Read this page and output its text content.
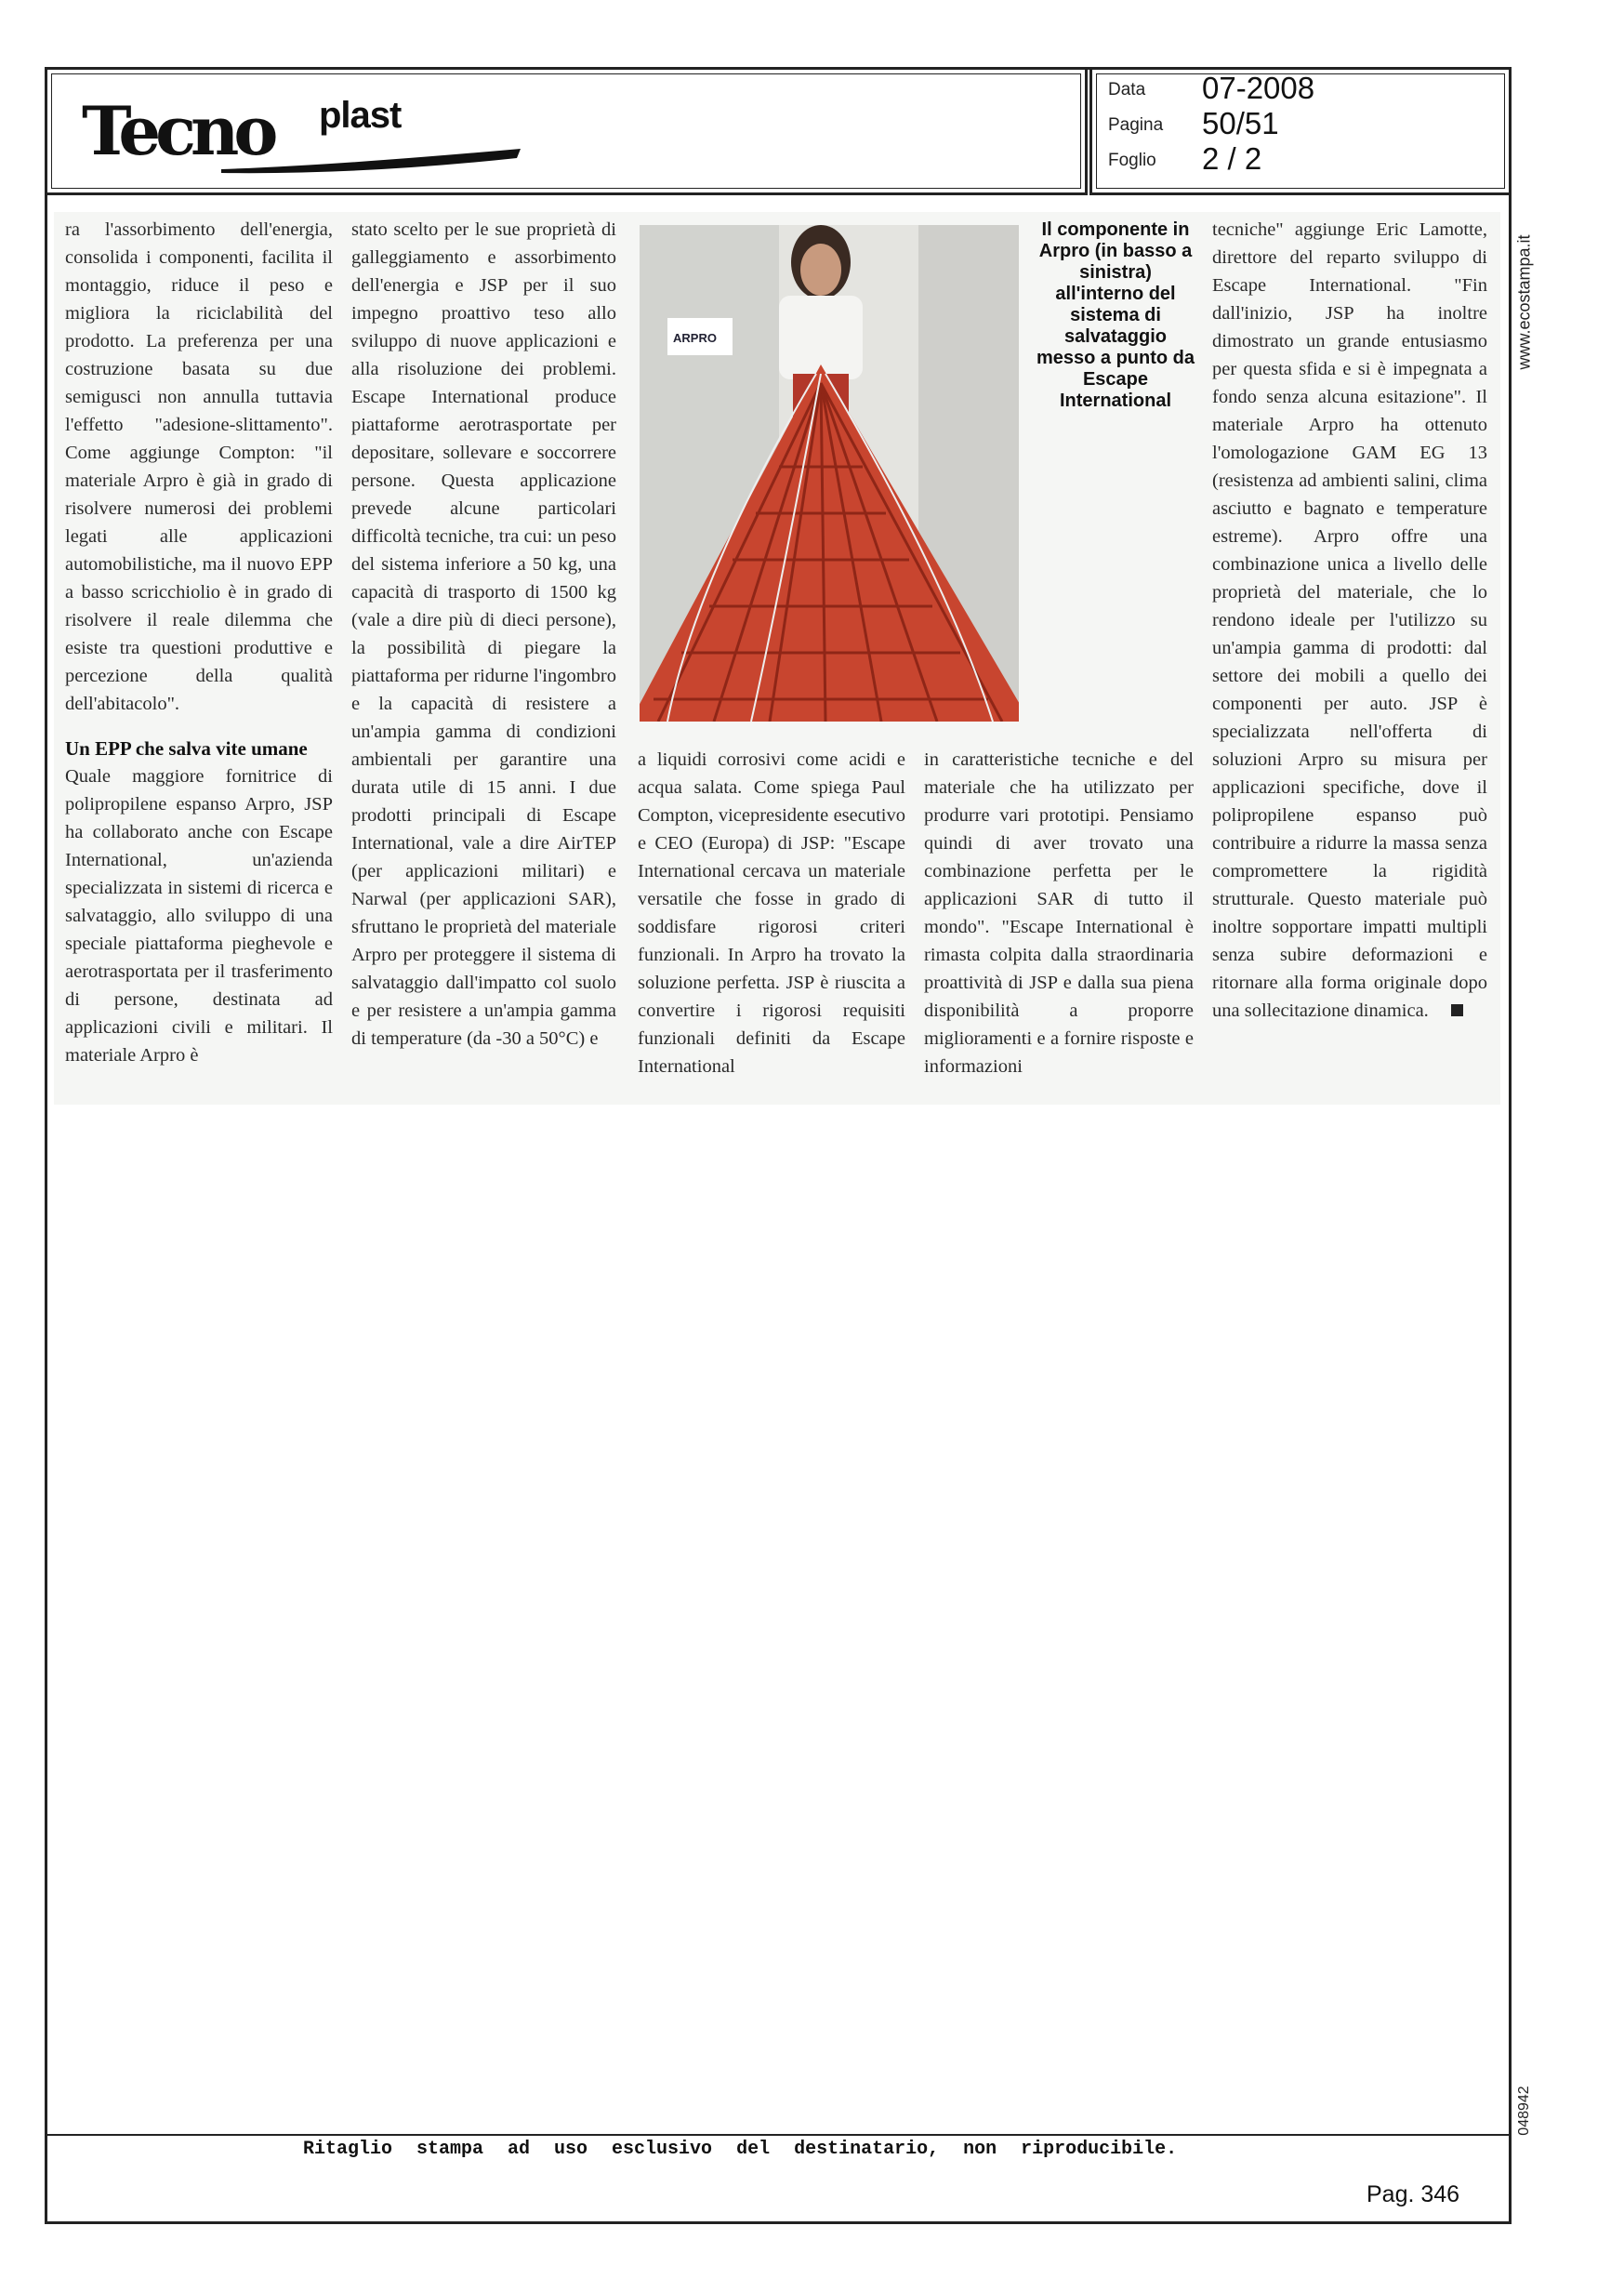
Tecno plast
Data 07-2008
Pagina 50/51
Foglio 2 / 2

ra l'assorbimento dell'energia, consolida i componenti, facilita il montaggio, riduce il peso e migliora la riciclabilità del prodotto. La preferenza per una costruzione basata su due semigusci non annulla tuttavia l'effetto "adesione-slittamento". Come aggiunge Compton: "il materiale Arpro è già in grado di risolvere numerosi dei problemi legati alle applicazioni automobilistiche, ma il nuovo EPP a basso scricchiolio è in grado di risolvere il reale dilemma che esiste tra questioni produttive e percezione della qualità dell'abitacolo".

Un EPP che salva vite umane

Quale maggiore fornitrice di polipropilene espanso Arpro, JSP ha collaborato anche con Escape International, un'azienda specializzata in sistemi di ricerca e salvataggio, allo sviluppo di una speciale piattaforma pieghevole e aerotrasportata per il trasferimento di persone, destinata ad applicazioni civili e militari. Il materiale Arpro è

stato scelto per le sue proprietà di galleggiamento e assorbimento dell'energia e JSP per il suo impegno proattivo teso allo sviluppo di nuove applicazioni e alla risoluzione dei problemi. Escape International produce piattaforme aerotrasportate per depositare, sollevare e soccorrere persone. Questa applicazione prevede alcune particolari difficoltà tecniche, tra cui: un peso del sistema inferiore a 50 kg, una capacità di trasporto di 1500 kg (vale a dire più di dieci persone), la possibilità di piegare la piattaforma per ridurne l'ingombro e la capacità di resistere a un'ampia gamma di condizioni ambientali per garantire una durata utile di 15 anni. I due prodotti principali di Escape International, vale a dire AirTEP (per applicazioni militari) e Narwal (per applicazioni SAR), sfruttano le proprietà del materiale Arpro per proteggere il sistema di salvataggio dall'impatto col suolo e per resistere a un'ampia gamma di temperature (da -30 a 50°C) e

ARPRO
Il componente in Arpro (in basso a sinistra) all'interno del sistema di salvataggio messo a punto da Escape International

a liquidi corrosivi come acidi e acqua salata. Come spiega Paul Compton, vicepresidente esecutivo e CEO (Europa) di JSP: "Escape International cercava un materiale versatile che fosse in grado di soddisfare rigorosi criteri funzionali. In Arpro ha trovato la soluzione perfetta. JSP è riuscita a convertire i rigorosi requisiti funzionali definiti da Escape International

in caratteristiche tecniche e del materiale che ha utilizzato per produrre vari prototipi. Pensiamo quindi di aver trovato una combinazione perfetta per le applicazioni SAR di tutto il mondo". "Escape International è rimasta colpita dalla straordinaria proattività di JSP e dalla sua piena disponibilità a proporre miglioramenti e a fornire risposte e informazioni

tecniche" aggiunge Eric Lamotte, direttore del reparto sviluppo di Escape International. "Fin dall'inizio, JSP ha inoltre dimostrato un grande entusiasmo per questa sfida e si è impegnata a fondo senza alcuna esitazione". Il materiale Arpro ha ottenuto l'omologazione GAM EG 13 (resistenza ad ambienti salini, clima asciutto e bagnato e temperature estreme). Arpro offre una combinazione unica a livello delle proprietà del materiale, che lo rendono ideale per l'utilizzo su un'ampia gamma di prodotti: dal settore dei mobili a quello dei componenti per auto. JSP è specializzata nell'offerta di soluzioni Arpro su misura per applicazioni specifiche, dove il polipropilene espanso può contribuire a ridurre la massa senza compromettere la rigidità strutturale. Questo materiale può inoltre sopportare impatti multipli senza subire deformazioni e ritornare alla forma originale dopo una sollecitazione dinamica.

www.ecostampa.it
048942
Ritaglio stampa ad uso esclusivo del destinatario, non riproducibile.
Pag. 346
